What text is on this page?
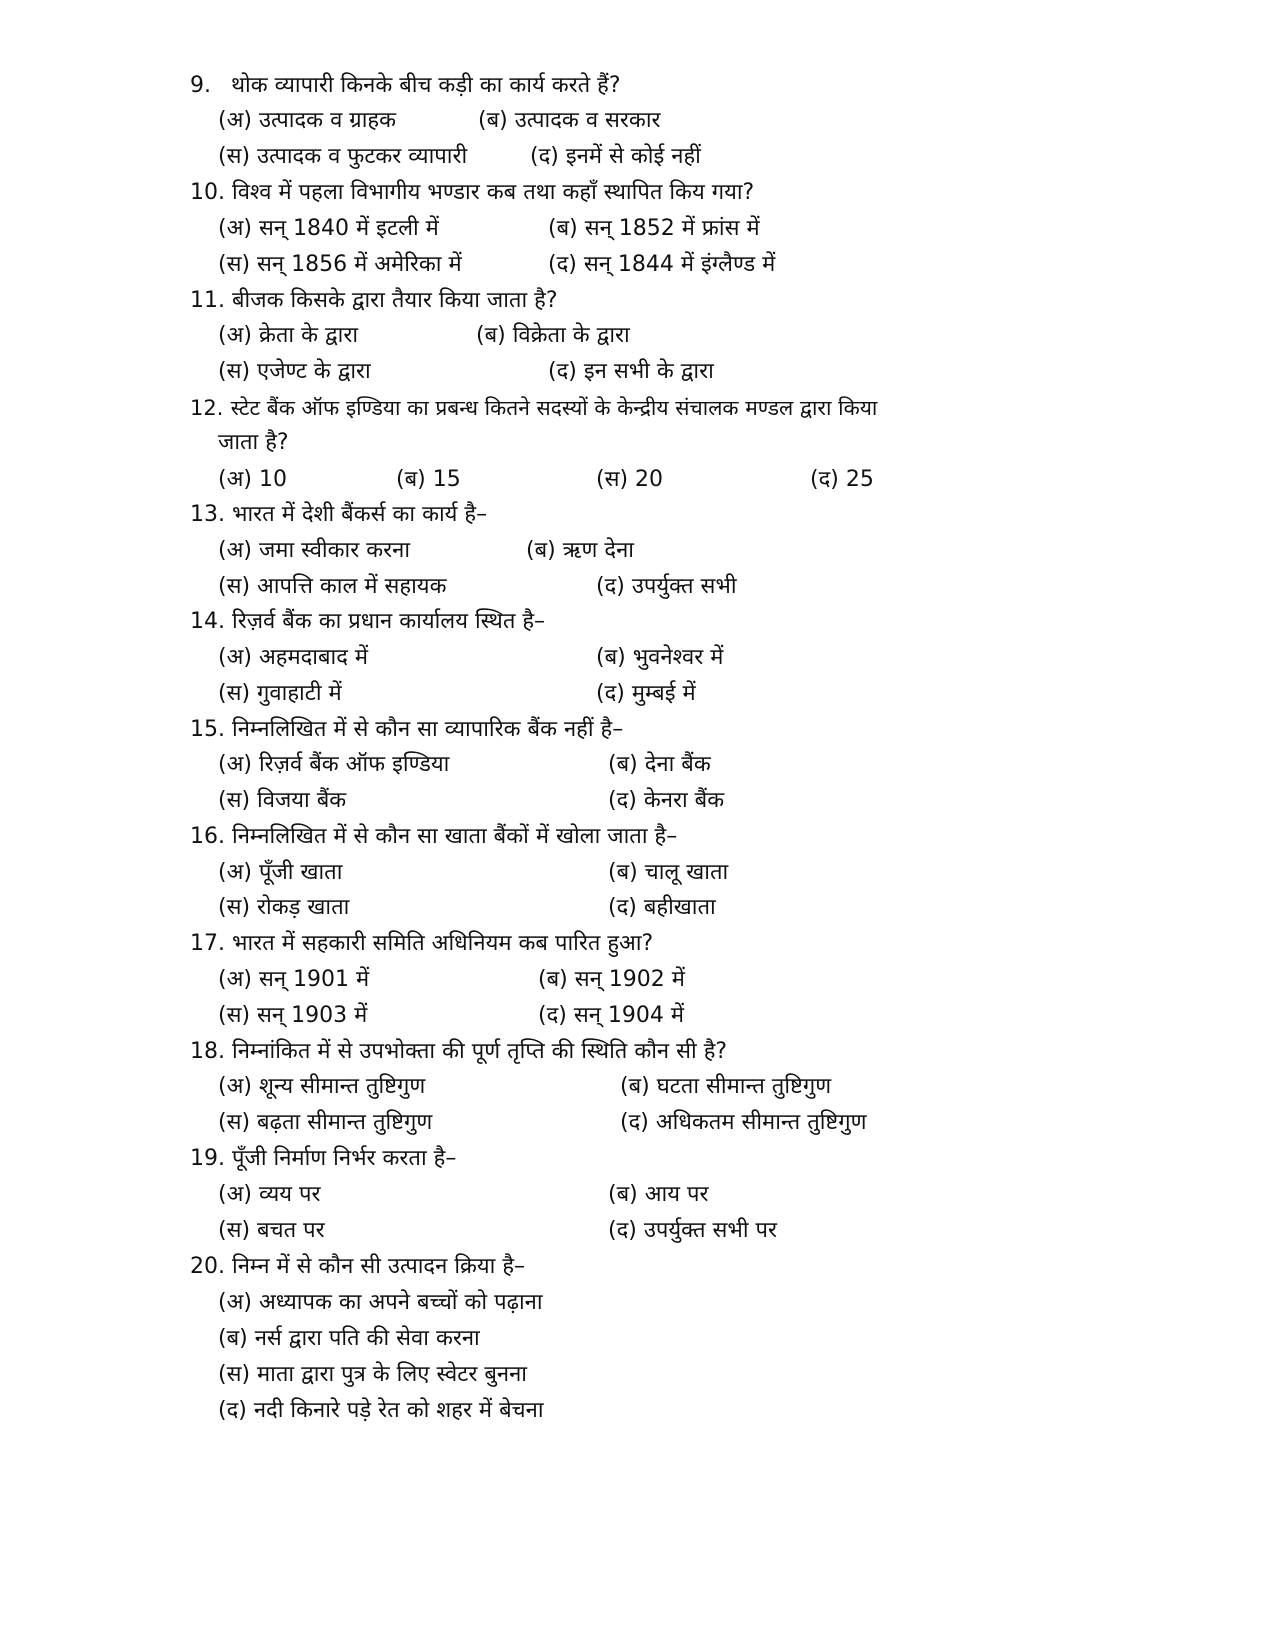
9. थोक व्यापारी किनके बीच कड़ी का कार्य करते हैं?
(अ) उत्पादक व ग्राहक	(ब) उत्पादक व सरकार
(स) उत्पादक व फुटकर व्यापारी	(द) इनमें से कोई नहीं
10. विश्व में पहला विभागीय भण्डार कब तथा कहाँ स्थापित किय गया?
(अ) सन् 1840 में इटली में	(ब) सन् 1852 में फ्रांस में
(स) सन् 1856 में अमेरिका में	(द) सन् 1844 में इंग्लैण्ड में
11. बीजक किसके द्वारा तैयार किया जाता है?
(अ) क्रेता के द्वारा	(ब) विक्रेता के द्वारा
(स) एजेण्ट के द्वारा	(द) इन सभी के द्वारा
12. स्टेट बैंक ऑफ इण्डिया का प्रबन्ध कितने सदस्यों के केन्द्रीय संचालक मण्डल द्वारा किया
जाता है?
(अ) 10	(ब) 15	(स) 20	(द) 25
13. भारत में देशी बैंकर्स का कार्य है–
(अ) जमा स्वीकार करना	(ब) ऋण देना
(स) आपत्ति काल में सहायक	(द) उपर्युक्त सभी
14. रिज़र्व बैंक का प्रधान कार्यालय स्थित है–
(अ) अहमदाबाद में	(ब) भुवनेश्वर में
(स) गुवाहाटी में	(द) मुम्बई में
15. निम्नलिखित में से कौन सा व्यापारिक बैंक नहीं है–
(अ) रिज़र्व बैंक ऑफ इण्डिया	(ब) देना बैंक
(स) विजया बैंक	(द) केनरा बैंक
16. निम्नलिखित में से कौन सा खाता बैंकों में खोला जाता है–
(अ) पूँजी खाता	(ब) चालू खाता
(स) रोकड़ खाता	(द) बहीखाता
17. भारत में सहकारी समिति अधिनियम कब पारित हुआ?
(अ) सन् 1901 में	(ब) सन् 1902 में
(स) सन् 1903 में	(द) सन् 1904 में
18. निम्नांकित में से उपभोक्ता की पूर्ण तृप्ति की स्थिति कौन सी है?
(अ) शून्य सीमान्त तुष्टिगुण	(ब) घटता सीमान्त तुष्टिगुण
(स) बढ़ता सीमान्त तुष्टिगुण	(द) अधिकतम सीमान्त तुष्टिगुण
19. पूँजी निर्माण निर्भर करता है–
(अ) व्यय पर	(ब) आय पर
(स) बचत पर	(द) उपर्युक्त सभी पर
20. निम्न में से कौन सी उत्पादन क्रिया है–
(अ) अध्यापक का अपने बच्चों को पढ़ाना
(ब) नर्स द्वारा पति की सेवा करना
(स) माता द्वारा पुत्र के लिए स्वेटर बुनना
(द) नदी किनारे पड़े रेत को शहर में बेचना
